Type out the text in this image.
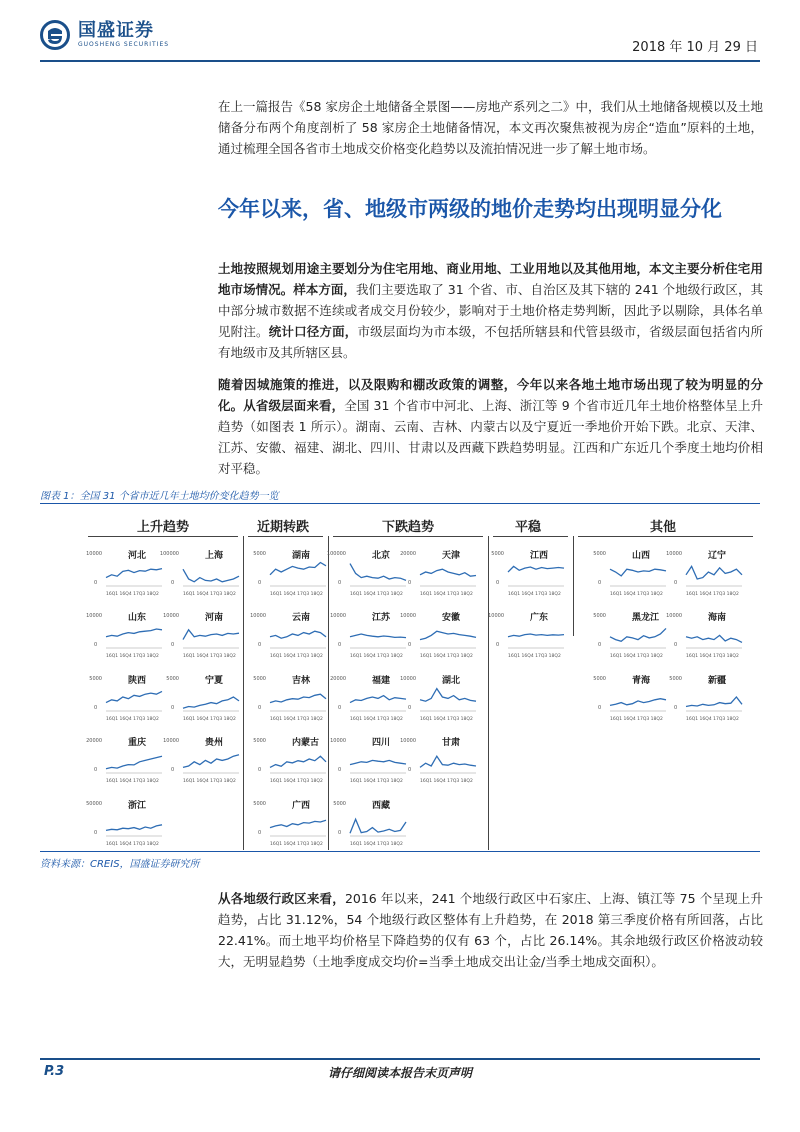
国盛证券
GUOSHENG SECURITIES	2018 年 10 月 29 日

在上一篇报告《58 家房企土地储备全景图——房地产系列之二》中，我们从土地储备规模以及土地储备分布两个角度剖析了 58 家房企土地储备情况，本文再次聚焦被视为房企“造血”原料的土地，通过梳理全国各省市土地成交价格变化趋势以及流拍情况进一步了解土地市场。

今年以来，省、地级市两级的地价走势均出现明显分化

土地按照规划用途主要划分为住宅用地、商业用地、工业用地以及其他用地，本文主要分析住宅用地市场情况。样本方面，我们主要选取了 31 个省、市、自治区及其下辖的 241 个地级行政区，其中部分城市数据不连续或者成交月份较少，影响对于土地价格走势判断，因此予以剔除，具体名单见附注。统计口径方面，市级层面均为市本级，不包括所辖县和代管县级市，省级层面包括省内所有地级市及其所辖区县。

随着因城施策的推进，以及限购和棚改政策的调整，今年以来各地土地市场出现了较为明显的分化。从省级层面来看，全国 31 个省市中河北、上海、浙江等 9 个省市近几年土地价格整体呈上升趋势（如图表 1 所示）。湖南、云南、吉林、内蒙古以及宁夏近一季地价开始下跌。北京、天津、江苏、安徽、福建、湖北、四川、甘肃以及西藏下跌趋势明显。江西和广东近几个季度土地均价相对平稳。

图表 1：全国 31 个省市近几年土地均价变化趋势一览
上升趋势	近期转跌	下跌趋势	平稳	其他
河北
10000
0
16Q1 16Q4 17Q3 18Q2
上海
100000
0
16Q1 16Q4 17Q3 18Q2
湖南
5000
0
16Q1 16Q4 17Q3 18Q2
北京
100000
0
16Q1 16Q4 17Q3 18Q2
天津
20000
0
16Q1 16Q4 17Q3 18Q2
江西
5000
0
16Q1 16Q4 17Q3 18Q2
山西
5000
0
16Q1 16Q4 17Q3 18Q2
辽宁
10000
0
16Q1 16Q4 17Q3 18Q2
山东
10000
0
16Q1 16Q4 17Q3 18Q2
河南
10000
0
16Q1 16Q4 17Q3 18Q2
云南
10000
0
16Q1 16Q4 17Q3 18Q2
江苏
10000
0
16Q1 16Q4 17Q3 18Q2
安徽
10000
0
16Q1 16Q4 17Q3 18Q2
广东
10000
0
16Q1 16Q4 17Q3 18Q2
黑龙江
5000
0
16Q1 16Q4 17Q3 18Q2
海南
10000
0
16Q1 16Q4 17Q3 18Q2
陕西
5000
0
16Q1 16Q4 17Q3 18Q2
宁夏
5000
0
16Q1 16Q4 17Q3 18Q2
吉林
5000
0
16Q1 16Q4 17Q3 18Q2
福建
20000
0
16Q1 16Q4 17Q3 18Q2
湖北
10000
0
16Q1 16Q4 17Q3 18Q2
青海
5000
0
16Q1 16Q4 17Q3 18Q2
新疆
5000
0
16Q1 16Q4 17Q3 18Q2
重庆
20000
0
16Q1 16Q4 17Q3 18Q2
贵州
10000
0
16Q1 16Q4 17Q3 18Q2
内蒙古
5000
0
16Q1 16Q4 17Q3 18Q2
四川
10000
0
16Q1 16Q4 17Q3 18Q2
甘肃
10000
0
16Q1 16Q4 17Q3 18Q2
浙江
50000
0
16Q1 16Q4 17Q3 18Q2
广西
5000
0
16Q1 16Q4 17Q3 18Q2
西藏
5000
0
16Q1 16Q4 17Q3 18Q2
资料来源：CREIS，国盛证券研究所

从各地级行政区来看，2016 年以来，241 个地级行政区中石家庄、上海、镇江等 75 个呈现上升趋势，占比 31.12%，54 个地级行政区整体有上升趋势，在 2018 第三季度价格有所回落，占比 22.41%。而土地平均价格呈下降趋势的仅有 63 个，占比 26.14%。其余地级行政区价格波动较大，无明显趋势（土地季度成交均价=当季土地成交出让金/当季土地成交面积）。

P.3	请仔细阅读本报告末页声明
